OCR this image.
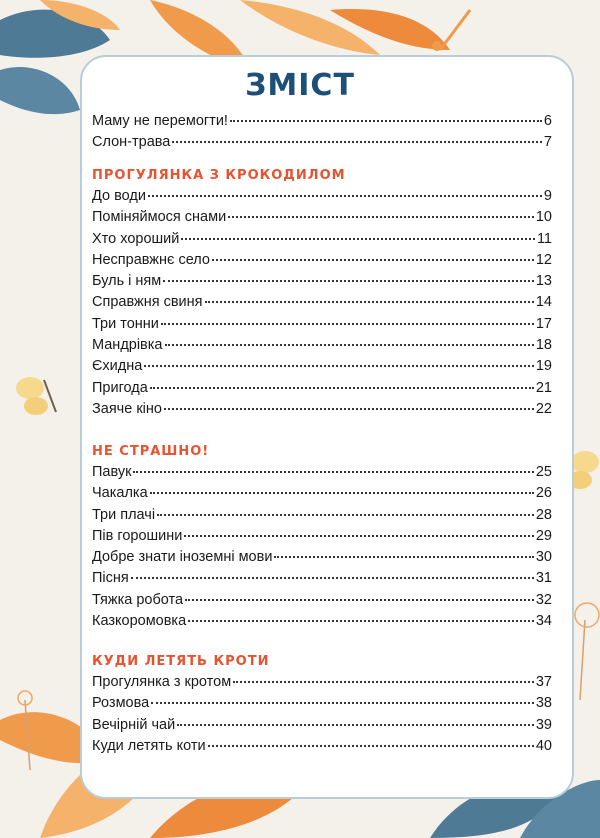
ЗМІСТ
Маму не перемогти!	6
Слон-трава	7
ПРОГУЛЯНКА З КРОКОДИЛОМ
До води	9
Поміняймося снами	10
Хто хороший	11
Несправжнє село	12
Буль і ням	13
Справжня свиня	14
Три тонни	17
Мандрівка	18
Єхидна	19
Пригода	21
Заяче кіно	22
НЕ СТРАШНО!
Павук	25
Чакалка	26
Три плачі	28
Пів горошини	29
Добре знати іноземні мови	30
Пісня	31
Тяжка робота	32
Казкоромовка	34
КУДИ ЛЕТЯТЬ КРОТИ
Прогулянка з кротом	37
Розмова	38
Вечірній чай	39
Куди летять коти	40
